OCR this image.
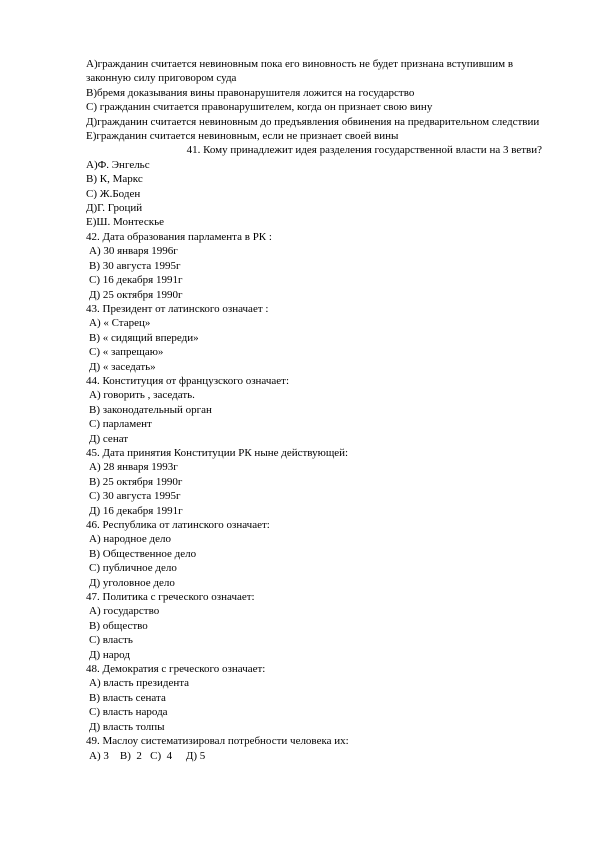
А)гражданин считается невиновным пока его виновность не будет признана вступившим в законную силу приговором суда
В)бремя доказывания вины правонарушителя ложится на государство
С) гражданин считается правонарушителем, когда он признает свою вину
Д)гражданин считается невиновным до предъявления обвинения на предварительном следствии
Е)гражданин считается невиновным, если не признает своей вины
41. Кому принадлежит идея разделения государственной власти на 3 ветви?
А)Ф. Энгельс
В) К, Маркс
С) Ж.Боден
Д)Г. Гроций
Е)Ш. Монтескье
42. Дата образования парламента в РК :
А) 30 января 1996г
В) 30 августа 1995г
С) 16 декабря 1991г
Д) 25 октября 1990г
43. Президент от латинского означает :
А) « Старец»
В) « сидящий впереди»
С) « запрещаю»
Д) « заседать»
44. Конституция от французского означает:
А) говорить , заседать.
В) законодательный орган
С) парламент
Д) сенат
45. Дата принятия Конституции РК ныне действующей:
А) 28 января 1993г
В) 25 октября 1990г
С) 30 августа 1995г
Д) 16 декабря 1991г
46. Республика от латинского означает:
А) народное дело
В) Общественное дело
С) публичное дело
Д) уголовное дело
47. Политика с греческого означает:
А) государство
В) общество
С) власть
Д) народ
48. Демократия с греческого означает:
А) власть президента
В) власть сената
С) власть народа
Д) власть толпы
49. Маслоу систематизировал потребности человека их:
А) 3    В)  2   С)  4     Д) 5
